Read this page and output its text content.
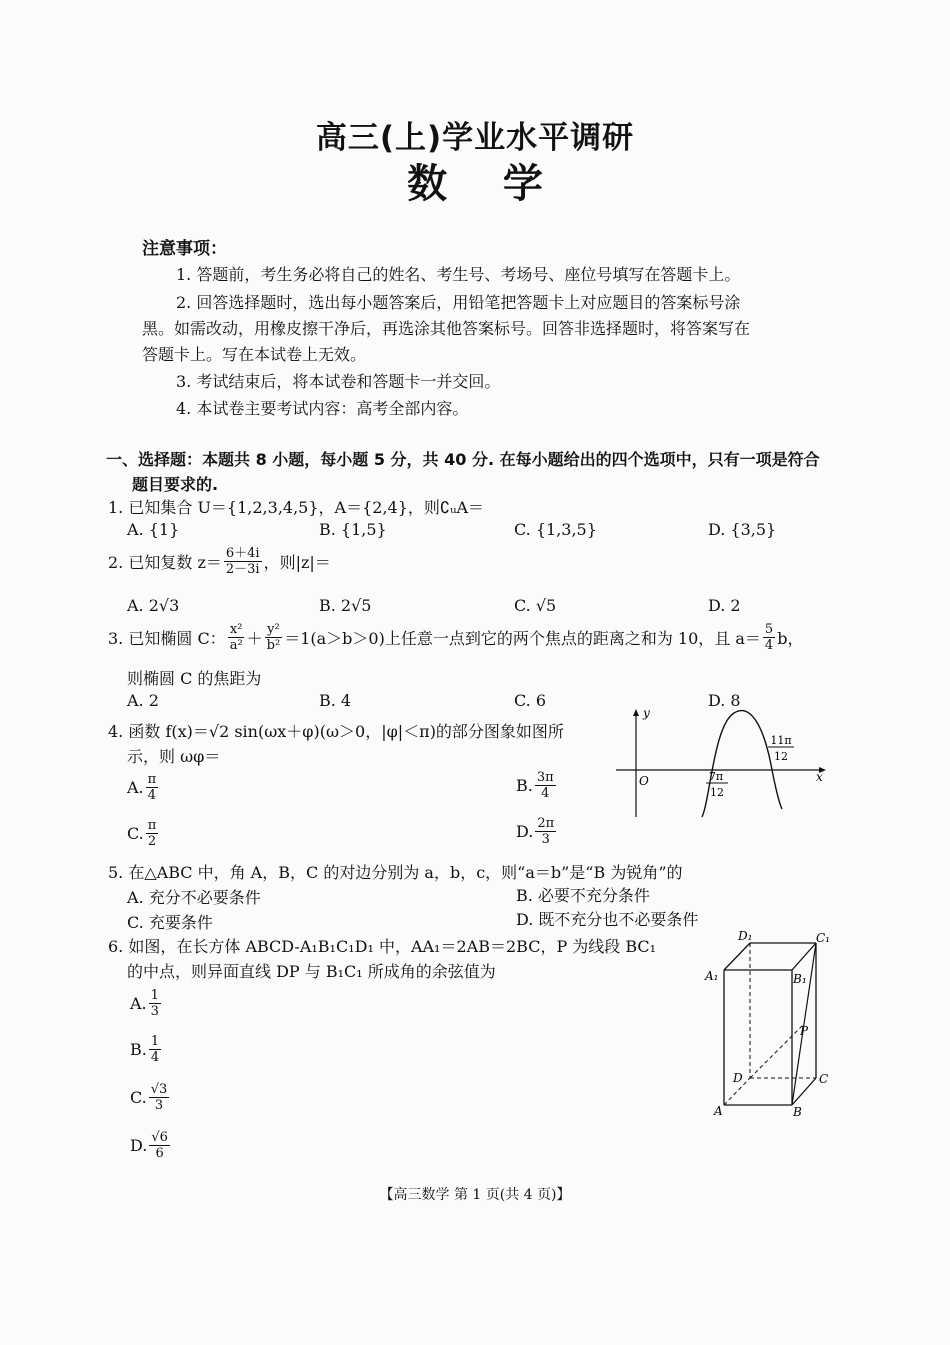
高三(上)学业水平调研
数    学
注意事项：
1. 答题前，考生务必将自己的姓名、考生号、考场号、座位号填写在答题卡上。
2. 回答选择题时，选出每小题答案后，用铅笔把答题卡上对应题目的答案标号涂
黑。如需改动，用橡皮擦干净后，再选涂其他答案标号。回答非选择题时，将答案写在
答题卡上。写在本试卷上无效。
3. 考试结束后，将本试卷和答题卡一并交回。
4. 本试卷主要考试内容：高考全部内容。
一、选择题：本题共 8 小题，每小题 5 分，共 40 分. 在每小题给出的四个选项中，只有一项是符合
题目要求的.
1. 已知集合 U＝{1,2,3,4,5}，A＝{2,4}，则∁ᵤA＝
A. {1}	B. {1,5}	C. {1,3,5}	D. {3,5}
2. 已知复数 $z= \frac{6+4i}{2-3i}$ ，则|z|＝
A. 2√3	B. 2√5	C. √5	D. 2
3. 已知椭圆 C： $\frac{\text{x²}}{\text{a²}} + \frac{\text{y²}}{\text{b²}} =1(a>b>0)$上任意一点到它的两个焦点的距离之和为 10，且 $a= \frac{5}{4}$ b，
则椭圆 C 的焦距为
A. 2	B. 4	C. 6	D. 8
4. 函数 f(x)＝√2 sin(ωx＋φ)(ω＞0，|φ|＜π)的部分图象如图所
示，则 ωφ＝
A. $\frac{\pi}{4}$	B. $\frac{3\pi}{4}$
C. $\frac{\pi}{2}$	D. $\frac{2\pi}{3}$
y
x
O	7π
12
11π
12
5. 在△ABC 中，角 A，B，C 的对边分别为 a，b，c，则“a＝b”是“B 为锐角”的
A. 充分不必要条件	B. 必要不充分条件
C. 充要条件	D. 既不充分也不必要条件
6. 如图，在长方体 ABCD-A₁B₁C₁D₁ 中，AA₁＝2AB＝2BC，P 为线段 BC₁
的中点，则异面直线 DP 与 B₁C₁ 所成角的余弦值为
A. $\frac{1}{3}$
B. $\frac{1}{4}$
C. $\frac{√3}{3}$
D. $\frac{√6}{6}$
D₁	C₁
A₁	B₁
P
D	C
A	B
【高三数学 第 1 页(共 4 页)】
